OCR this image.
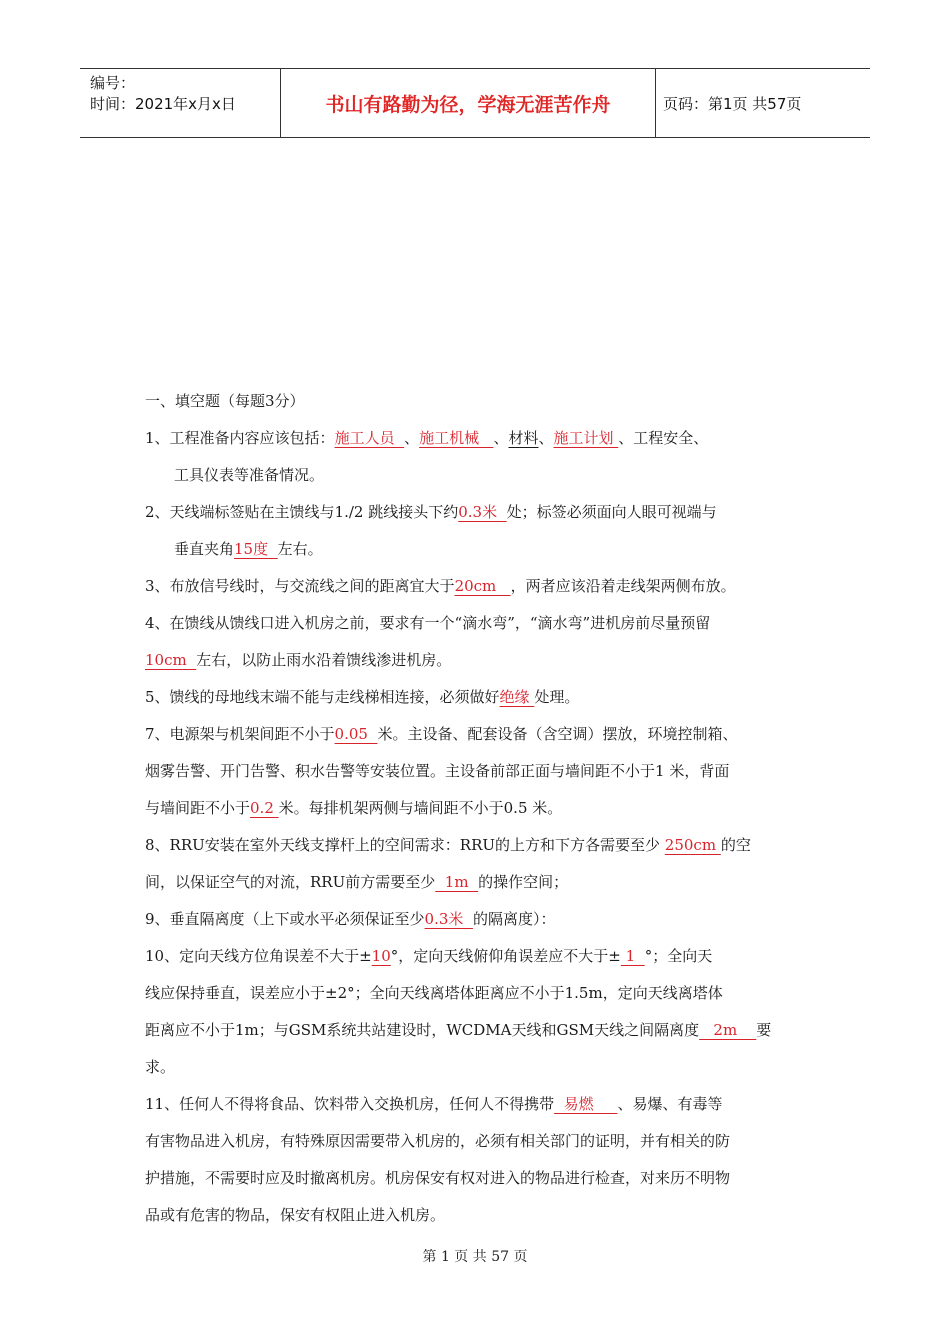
编号：
时间：2021年x月x日	书山有路勤为径，学海无涯苦作舟	页码：第1页 共57页

一、填空题（每题3分）

1、工程准备内容应该包括：施工人员  、施工机械   、材料、施工计划 、工程安全、

工具仪表等准备情况。

2、天线端标签贴在主馈线与1./2 跳线接头下约0.3米  处；标签必须面向人眼可视端与

垂直夹角15度  左右。

3、布放信号线时，与交流线之间的距离宜大于20cm   ，两者应该沿着走线架两侧布放。

4、在馈线从馈线口进入机房之前，要求有一个“滴水弯”，“滴水弯”进机房前尽量预留

10cm  左右，以防止雨水沿着馈线渗进机房。

5、馈线的母地线末端不能与走线梯相连接，必须做好绝缘 处理。

7、电源架与机架间距不小于0.05  米。主设备、配套设备（含空调）摆放，环境控制箱、

烟雾告警、开门告警、积水告警等安装位置。主设备前部正面与墙间距不小于1 米，背面

与墙间距不小于0.2 米。每排机架两侧与墙间距不小于0.5 米。

8、RRU安装在室外天线支撑杆上的空间需求：RRU的上方和下方各需要至少 250cm 的空

间，以保证空气的对流，RRU前方需要至少  1m  的操作空间；

9、垂直隔离度（上下或水平必须保证至少0.3米  的隔离度）：

10、定向天线方位角误差不大于±10°，定向天线俯仰角误差应不大于± 1  °；全向天

线应保持垂直，误差应小于±2°；全向天线离塔体距离应不小于1.5m，定向天线离塔体

距离应不小于1m；与GSM系统共站建设时，WCDMA天线和GSM天线之间隔离度   2m    要

求。

11、任何人不得将食品、饮料带入交换机房，任何人不得携带  易燃     、易爆、有毒等

有害物品进入机房，有特殊原因需要带入机房的，必须有相关部门的证明，并有相关的防

护措施，不需要时应及时撤离机房。机房保安有权对进入的物品进行检查，对来历不明物

品或有危害的物品，保安有权阻止进入机房。

第 1 页 共 57 页
